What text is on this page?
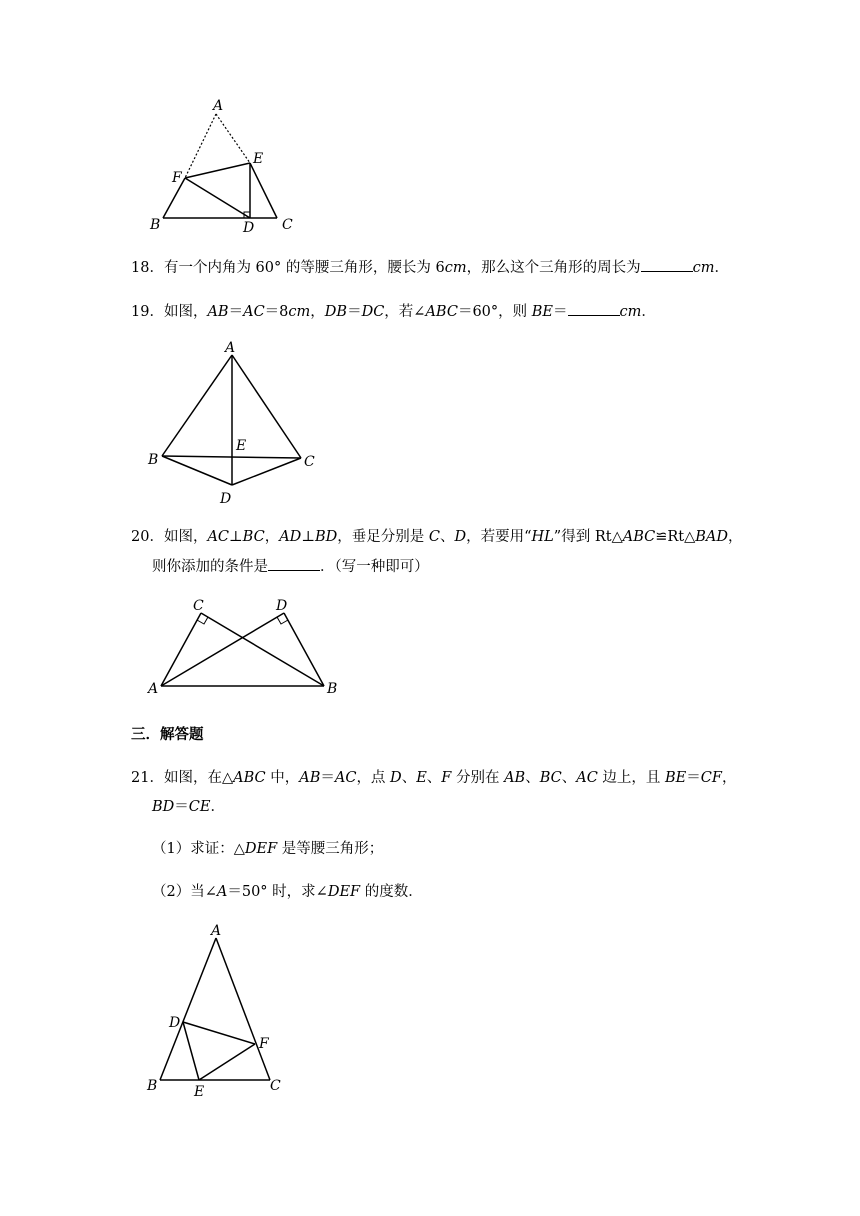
A
E
F
B	D C
18．有一个内角为 60° 的等腰三角形，腰长为 6cm，那么这个三角形的周长为	cm．
19．如图，AB＝AC＝8cm，DB＝DC，若∠ABC＝60°，则 BE＝	cm．
A
E
B	C
D
20．如图，AC⊥BC，AD⊥BD，垂足分别是 C、D，若要用“HL”得到 Rt△ABC≌Rt△BAD，
则你添加的条件是	．（写一种即可）
C	D
A	B
三．解答题
21．如图，在△ABC 中，AB＝AC，点 D、E、F 分别在 AB、BC、AC 边上，且 BE＝CF，
BD＝CE．
（1）求证：△DEF 是等腰三角形；
（2）当∠A＝50° 时，求∠DEF 的度数．
A
D
F
B	E	C
